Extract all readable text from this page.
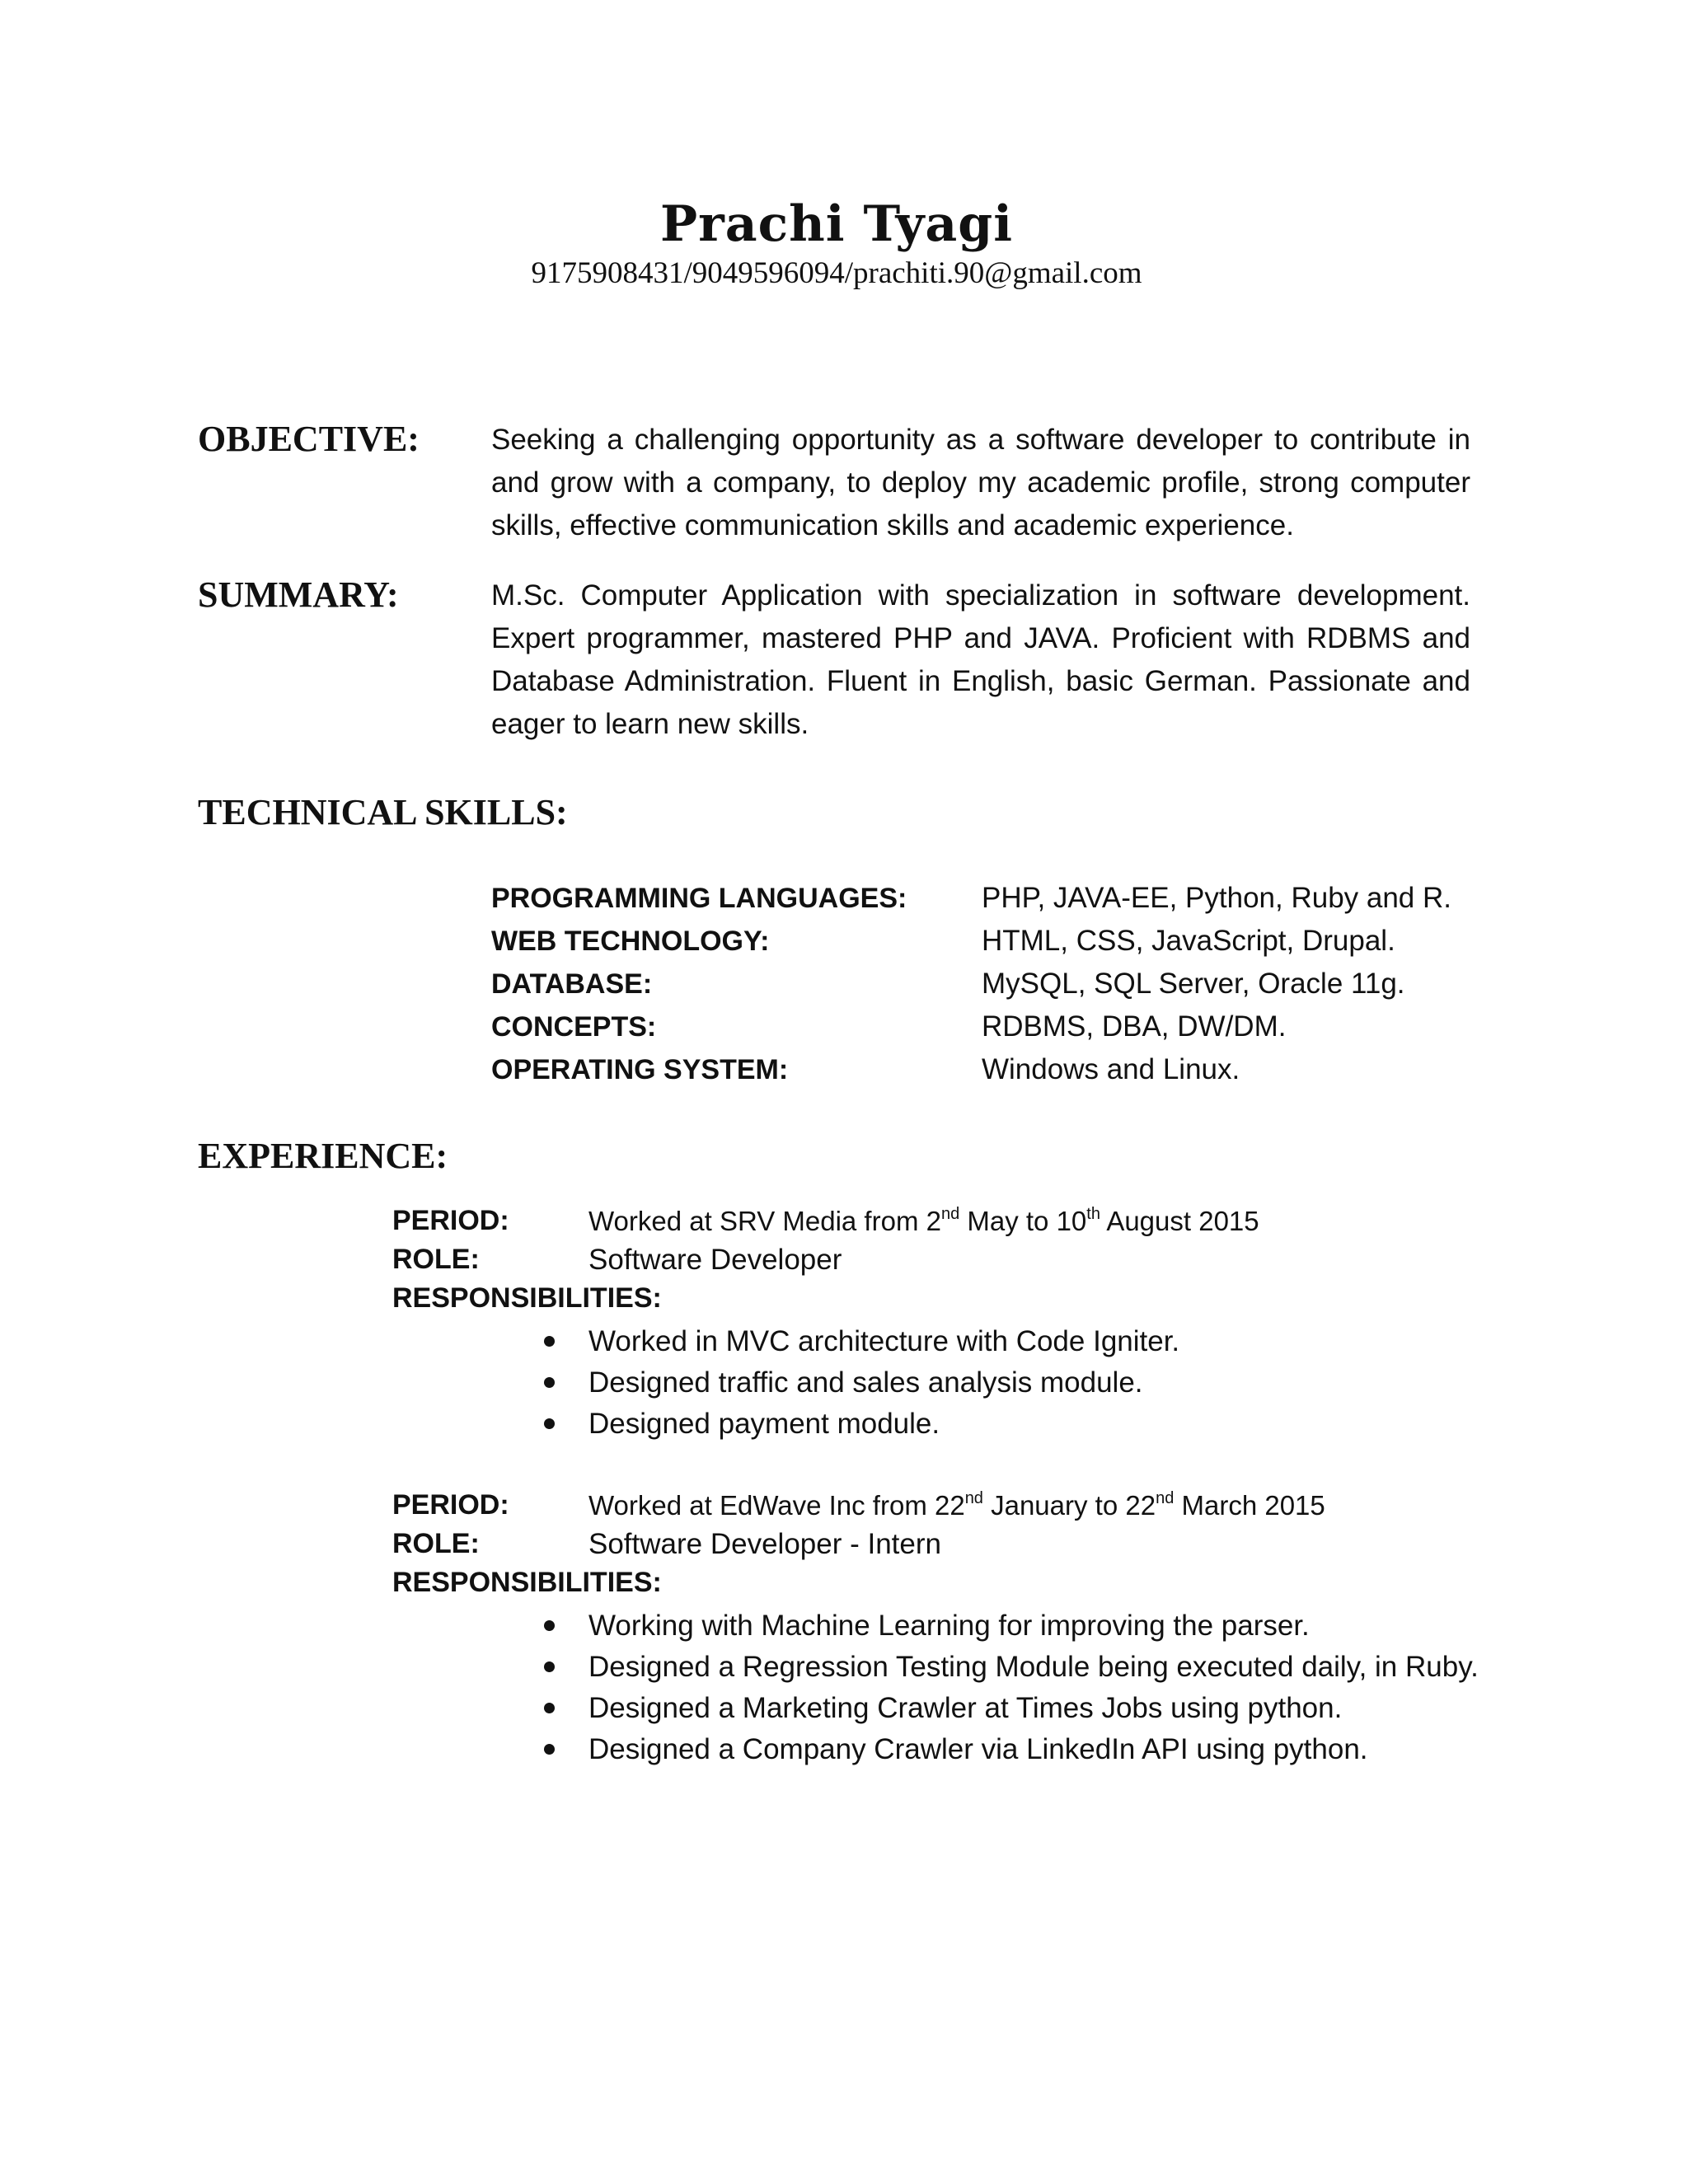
Prachi Tyagi
9175908431/9049596094/prachiti.90@gmail.com
OBJECTIVE: Seeking a challenging opportunity as a software developer to contribute in and grow with a company, to deploy my academic profile, strong computer skills, effective communication skills and academic experience.
SUMMARY:	M.Sc. Computer Application with specialization in software development. Expert programmer, mastered PHP and JAVA. Proficient with RDBMS and Database Administration. Fluent in English, basic German. Passionate and eager to learn new skills.
TECHNICAL SKILLS:
PROGRAMMING LANGUAGES:	PHP, JAVA-EE, Python, Ruby and R.
WEB TECHNOLOGY:	HTML, CSS, JavaScript, Drupal.
DATABASE:	MySQL, SQL Server, Oracle 11g.
CONCEPTS:	RDBMS, DBA, DW/DM.
OPERATING SYSTEM:	Windows and Linux.
EXPERIENCE:
PERIOD:	Worked at SRV Media from 2nd May to 10th August 2015
ROLE:	Software Developer
RESPONSIBILITIES:
Worked in MVC architecture with Code Igniter.
Designed traffic and sales analysis module.
Designed payment module.
PERIOD:	Worked at EdWave Inc from 22nd January to 22nd March 2015
ROLE:	Software Developer - Intern
RESPONSIBILITIES:
Working with Machine Learning for improving the parser.
Designed a Regression Testing Module being executed daily, in Ruby.
Designed a Marketing Crawler at Times Jobs using python.
Designed a Company Crawler via LinkedIn API using python.
